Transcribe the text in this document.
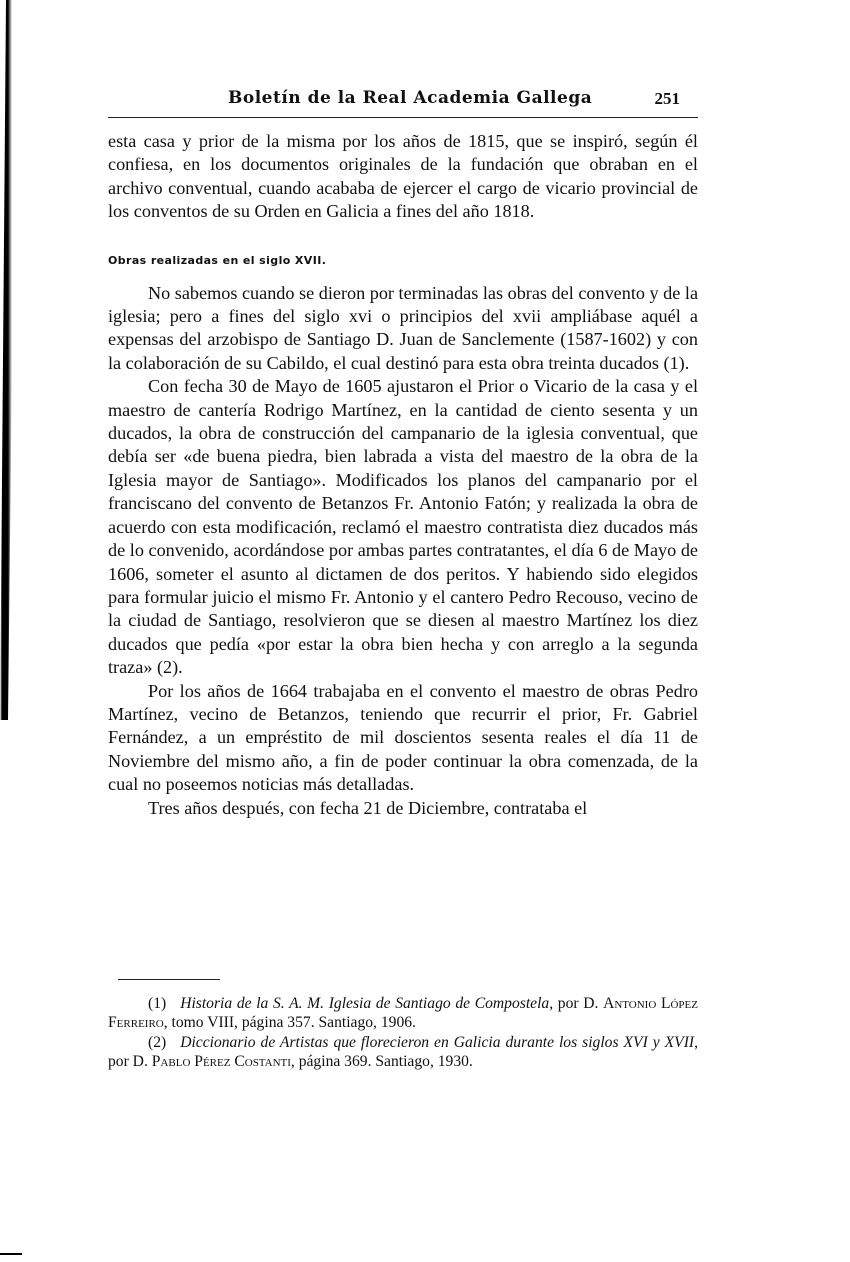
Boletín de la Real Academia Gallega	251

esta casa y prior de la misma por los años de 1815, que se inspiró, según él confiesa, en los documentos originales de la fundación que obraban en el archivo conventual, cuando acababa de ejercer el cargo de vicario provincial de los conventos de su Orden en Galicia a fines del año 1818.

Obras realizadas en el siglo XVII.

No sabemos cuando se dieron por terminadas las obras del convento y de la iglesia; pero a fines del siglo xvi o principios del xvii ampliábase aquél a expensas del arzobispo de Santiago D. Juan de Sanclemente (1587-1602) y con la colaboración de su Cabildo, el cual destinó para esta obra treinta ducados (1).

Con fecha 30 de Mayo de 1605 ajustaron el Prior o Vicario de la casa y el maestro de cantería Rodrigo Martínez, en la cantidad de ciento sesenta y un ducados, la obra de construcción del campanario de la iglesia conventual, que debía ser «de buena piedra, bien labrada a vista del maestro de la obra de la Iglesia mayor de Santiago». Modificados los planos del campanario por el franciscano del convento de Betanzos Fr. Antonio Fatón; y realizada la obra de acuerdo con esta modificación, reclamó el maestro contratista diez ducados más de lo convenido, acordándose por ambas partes contratantes, el día 6 de Mayo de 1606, someter el asunto al dictamen de dos peritos. Y habiendo sido elegidos para formular juicio el mismo Fr. Antonio y el cantero Pedro Recouso, vecino de la ciudad de Santiago, resolvieron que se diesen al maestro Martínez los diez ducados que pedía «por estar la obra bien hecha y con arreglo a la segunda traza» (2).

Por los años de 1664 trabajaba en el convento el maestro de obras Pedro Martínez, vecino de Betanzos, teniendo que recurrir el prior, Fr. Gabriel Fernández, a un empréstito de mil doscientos sesenta reales el día 11 de Noviembre del mismo año, a fin de poder continuar la obra comenzada, de la cual no poseemos noticias más detalladas.

Tres años después, con fecha 21 de Diciembre, contrataba el

(1) Historia de la S. A. M. Iglesia de Santiago de Compostela, por D. Antonio López Ferreiro, tomo VIII, página 357. Santiago, 1906.

(2) Diccionario de Artistas que florecieron en Galicia durante los siglos XVI y XVII, por D. Pablo Pérez Costanti, página 369. Santiago, 1930.
